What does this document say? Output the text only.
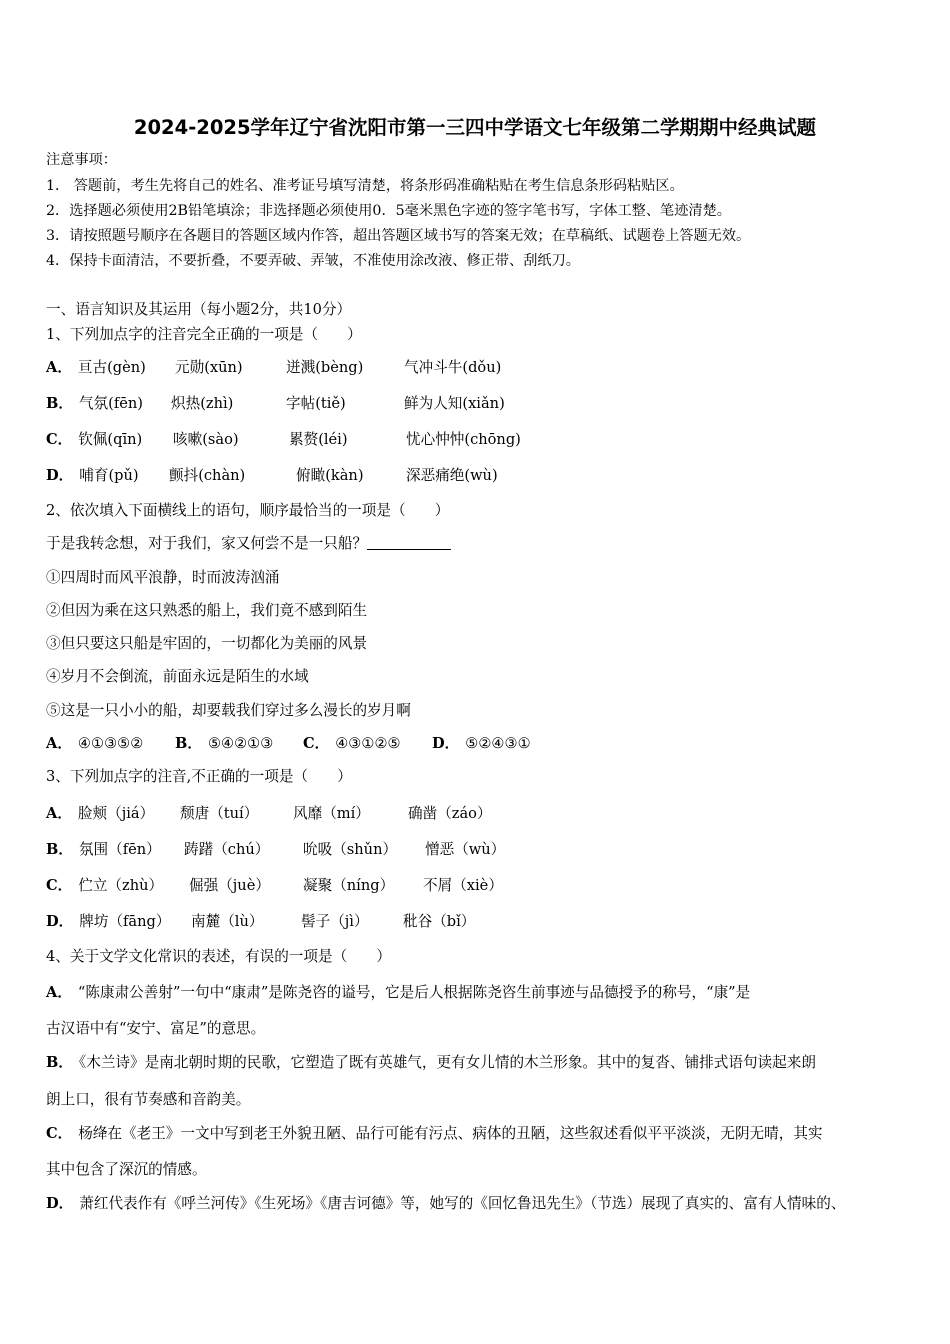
2024-2025学年辽宁省沈阳市第一三四中学语文七年级第二学期期中经典试题
注意事项：
1． 答题前，考生先将自己的姓名、准考证号填写清楚，将条形码准确粘贴在考生信息条形码粘贴区。
2．选择题必须使用2B铅笔填涂；非选择题必须使用0．5毫米黑色字迹的签字笔书写，字体工整、笔迹清楚。
3．请按照题号顺序在各题目的答题区域内作答，超出答题区域书写的答案无效；在草稿纸、试题卷上答题无效。
4．保持卡面清洁，不要折叠，不要弄破、弄皱，不准使用涂改液、修正带、刮纸刀。
一、语言知识及其运用（每小题2分，共10分）
1、下列加点字的注音完全正确的一项是（　　）
A． 亘古(gèn) 元勋(xūn)	迸溅(bèng)	气冲斗牛(dǒu)
B． 气氛(fēn) 炽热(zhì)	字帖(tiě)	鲜为人知(xiǎn)
C． 钦佩(qīn) 咳嗽(sào)	累赘(léi)	忧心忡忡(chōng)
D． 哺育(pǔ) 颤抖(chàn)	俯瞰(kàn)	深恶痛绝(wù)
2、依次填入下面横线上的语句，顺序最恰当的一项是（　　）
于是我转念想，对于我们，家又何尝不是一只船？
①四周时而风平浪静，时而波涛汹涌
②但因为乘在这只熟悉的船上，我们竟不感到陌生
③但只要这只船是牢固的，一切都化为美丽的风景
④岁月不会倒流，前面永远是陌生的水域
⑤这是一只小小的船，却要载我们穿过多么漫长的岁月啊
A． ④①③⑤② B． ⑤④②①③ C． ④③①②⑤ D． ⑤②④③①
3、下列加点字的注音,不正确的一项是（　　）
A． 脸颊（jiá） 颓唐（tuí） 风靡（mí）	确凿（záo）
B． 氛围（fēn） 踌躇（chú） 吮吸（shǔn） 憎恶（wù）
C． 伫立（zhù） 倔强（juè） 凝聚（níng） 不屑（xiè）
D． 牌坊（fāng） 南麓（lù）	髻子（jì） 秕谷（bǐ）
4、关于文学文化常识的表述，有误的一项是（　　）
A． “陈康肃公善射”一句中“康肃”是陈尧咨的谥号，它是后人根据陈尧咨生前事迹与品德授予的称号，“康”是
古汉语中有“安宁、富足”的意思。
B． 《木兰诗》是南北朝时期的民歌，它塑造了既有英雄气，更有女儿情的木兰形象。其中的复沓、铺排式语句读起来朗
朗上口，很有节奏感和音韵美。
C． 杨绛在《老王》一文中写到老王外貌丑陋、品行可能有污点、病体的丑陋，这些叙述看似平平淡淡，无阴无晴，其实
其中包含了深沉的情感。
D． 萧红代表作有《呼兰河传》《生死场》《唐吉诃德》等，她写的《回忆鲁迅先生》（节选）展现了真实的、富有人情味的、
